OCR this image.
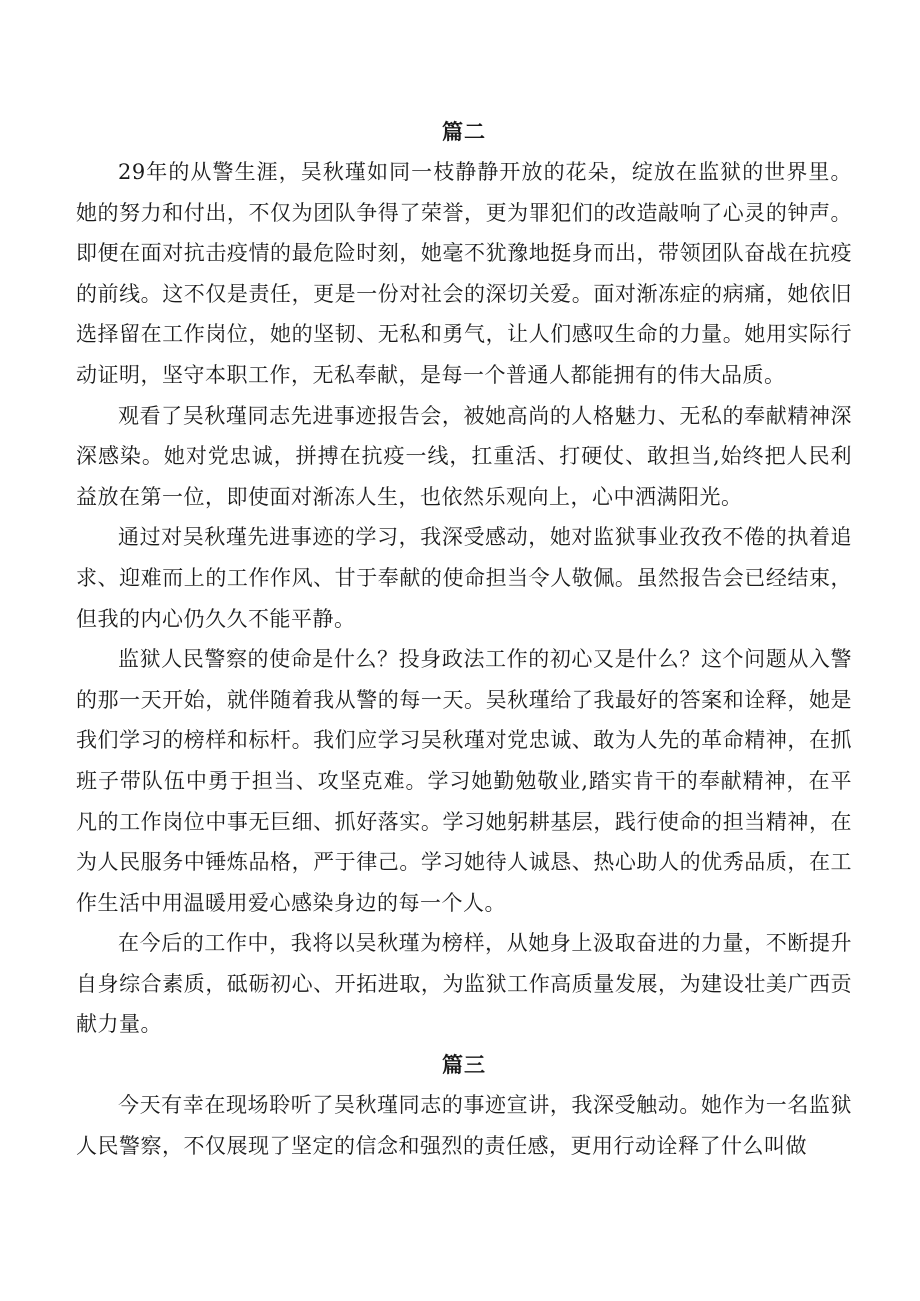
篇二

29年的从警生涯，吴秋瑾如同一枝静静开放的花朵，绽放在监狱的世界里。她的努力和付出，不仅为团队争得了荣誉，更为罪犯们的改造敲响了心灵的钟声。即便在面对抗击疫情的最危险时刻，她毫不犹豫地挺身而出，带领团队奋战在抗疫的前线。这不仅是责任，更是一份对社会的深切关爱。面对渐冻症的病痛，她依旧选择留在工作岗位，她的坚韧、无私和勇气，让人们感叹生命的力量。她用实际行动证明，坚守本职工作，无私奉献，是每一个普通人都能拥有的伟大品质。

观看了吴秋瑾同志先进事迹报告会，被她高尚的人格魅力、无私的奉献精神深深感染。她对党忠诚，拼搏在抗疫一线，扛重活、打硬仗、敢担当,始终把人民利益放在第一位，即使面对渐冻人生，也依然乐观向上，心中洒满阳光。

通过对吴秋瑾先进事迹的学习，我深受感动，她对监狱事业孜孜不倦的执着追求、迎难而上的工作作风、甘于奉献的使命担当令人敬佩。虽然报告会已经结束，但我的内心仍久久不能平静。

监狱人民警察的使命是什么？投身政法工作的初心又是什么？这个问题从入警的那一天开始，就伴随着我从警的每一天。吴秋瑾给了我最好的答案和诠释，她是我们学习的榜样和标杆。我们应学习吴秋瑾对党忠诚、敢为人先的革命精神，在抓班子带队伍中勇于担当、攻坚克难。学习她勤勉敬业,踏实肯干的奉献精神，在平凡的工作岗位中事无巨细、抓好落实。学习她躬耕基层，践行使命的担当精神，在为人民服务中锤炼品格，严于律己。学习她待人诚恳、热心助人的优秀品质，在工作生活中用温暖用爱心感染身边的每一个人。

在今后的工作中，我将以吴秋瑾为榜样，从她身上汲取奋进的力量，不断提升自身综合素质，砥砺初心、开拓进取，为监狱工作高质量发展，为建设壮美广西贡献力量。

篇三

今天有幸在现场聆听了吴秋瑾同志的事迹宣讲，我深受触动。她作为一名监狱人民警察，不仅展现了坚定的信念和强烈的责任感，更用行动诠释了什么叫做
